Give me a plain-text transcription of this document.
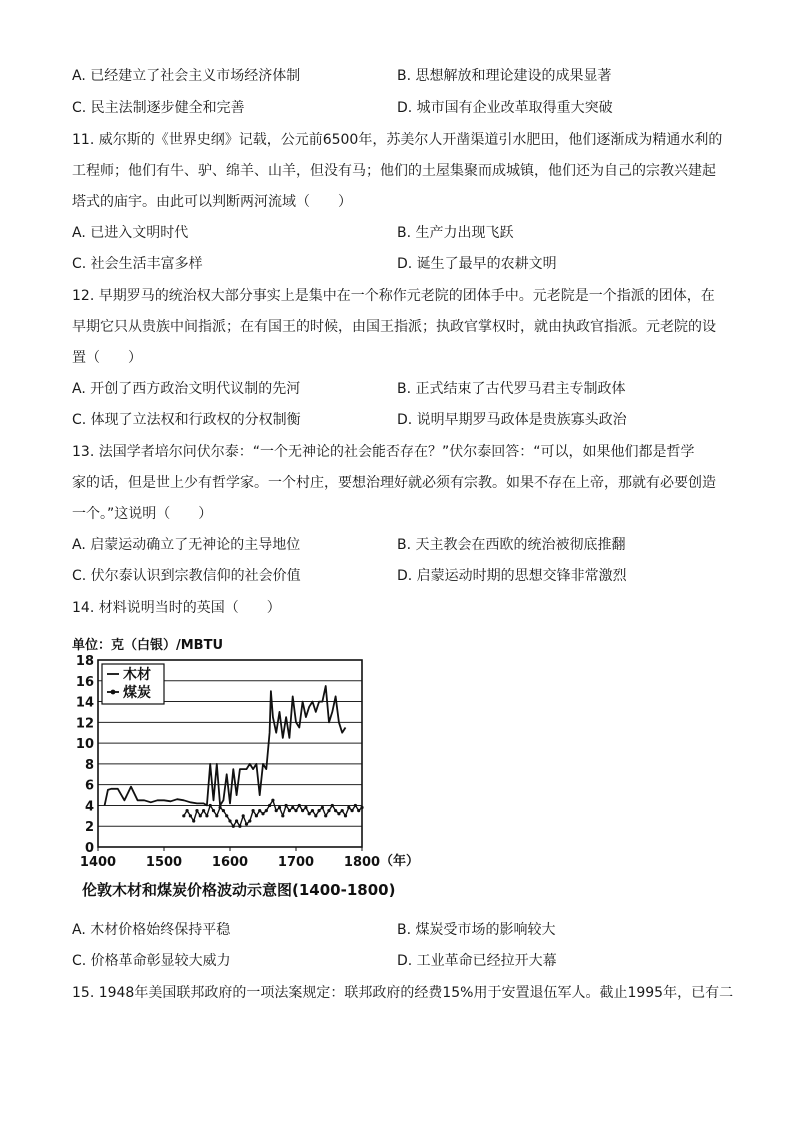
A. 已经建立了社会主义市场经济体制	B. 思想解放和理论建设的成果显著
C. 民主法制逐步健全和完善	D. 城市国有企业改革取得重大突破
11. 威尔斯的《世界史纲》记载，公元前6500年，苏美尔人开凿渠道引水肥田，他们逐渐成为精通水利的
工程师；他们有牛、驴、绵羊、山羊，但没有马；他们的土屋集聚而成城镇，他们还为自己的宗教兴建起
塔式的庙宇。由此可以判断两河流域（　　）
A. 已进入文明时代	B. 生产力出现飞跃
C. 社会生活丰富多样	D. 诞生了最早的农耕文明
12. 早期罗马的统治权大部分事实上是集中在一个称作元老院的团体手中。元老院是一个指派的团体，在
早期它只从贵族中间指派；在有国王的时候，由国王指派；执政官掌权时，就由执政官指派。元老院的设
置（　　）
A. 开创了西方政治文明代议制的先河	B. 正式结束了古代罗马君主专制政体
C. 体现了立法权和行政权的分权制衡	D. 说明早期罗马政体是贵族寡头政治
13. 法国学者培尔问伏尔泰：“一个无神论的社会能否存在？”伏尔泰回答：“可以，如果他们都是哲学
家的话，但是世上少有哲学家。一个村庄，要想治理好就必须有宗教。如果不存在上帝，那就有必要创造
一个。”这说明（　　）
A. 启蒙运动确立了无神论的主导地位	B. 天主教会在西欧的统治被彻底推翻
C. 伏尔泰认识到宗教信仰的社会价值	D. 启蒙运动时期的思想交锋非常激烈
14. 材料说明当时的英国（　　）
单位：克（白银）/MBTU
0
2
4
6
8
10
12
14
16
18
1400 1500 1600 1700 1800
木材
煤炭
（年）
伦敦木材和煤炭价格波动示意图(1400-1800)
A. 木材价格始终保持平稳	B. 煤炭受市场的影响较大
C. 价格革命彰显较大威力	D. 工业革命已经拉开大幕
15. 1948年美国联邦政府的一项法案规定：联邦政府的经费15%用于安置退伍军人。截止1995年，已有二
